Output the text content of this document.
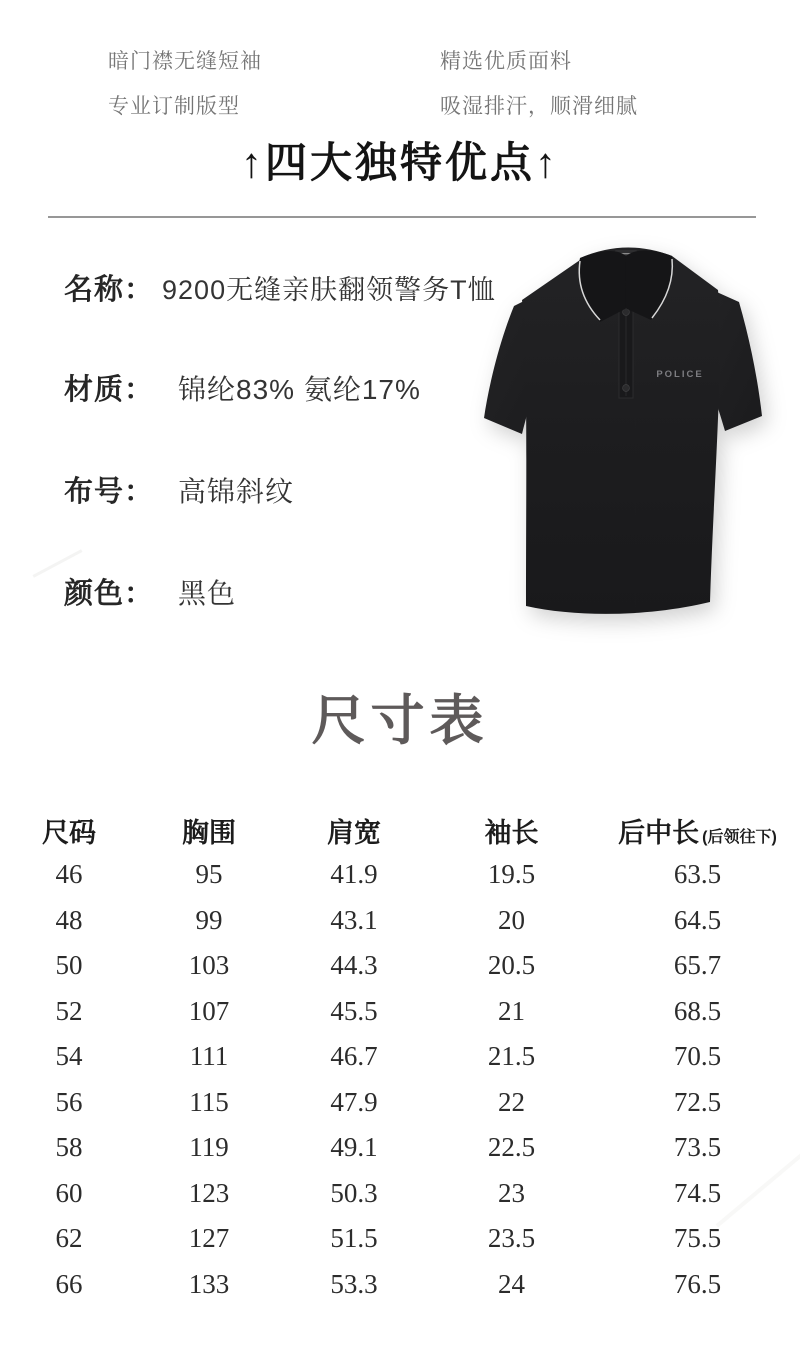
暗门襟无缝短袖	精选优质面料
专业订制版型	吸湿排汗，顺滑细腻
↑四大独特优点↑
名称： 9200无缝亲肤翻领警务T恤
材质： 锦纶83% 氨纶17%
布号： 高锦斜纹
颜色： 黑色
POLICE
尺寸表
尺码	胸围	肩宽	袖长	后中长 (后领往下)
46	95	41.9	19.5	63.5
48	99	43.1	20	64.5
50	103	44.3	20.5	65.7
52	107	45.5	21	68.5
54	111	46.7	21.5	70.5
56	115	47.9	22	72.5
58	119	49.1	22.5	73.5
60	123	50.3	23	74.5
62	127	51.5	23.5	75.5
66	133	53.3	24	76.5
